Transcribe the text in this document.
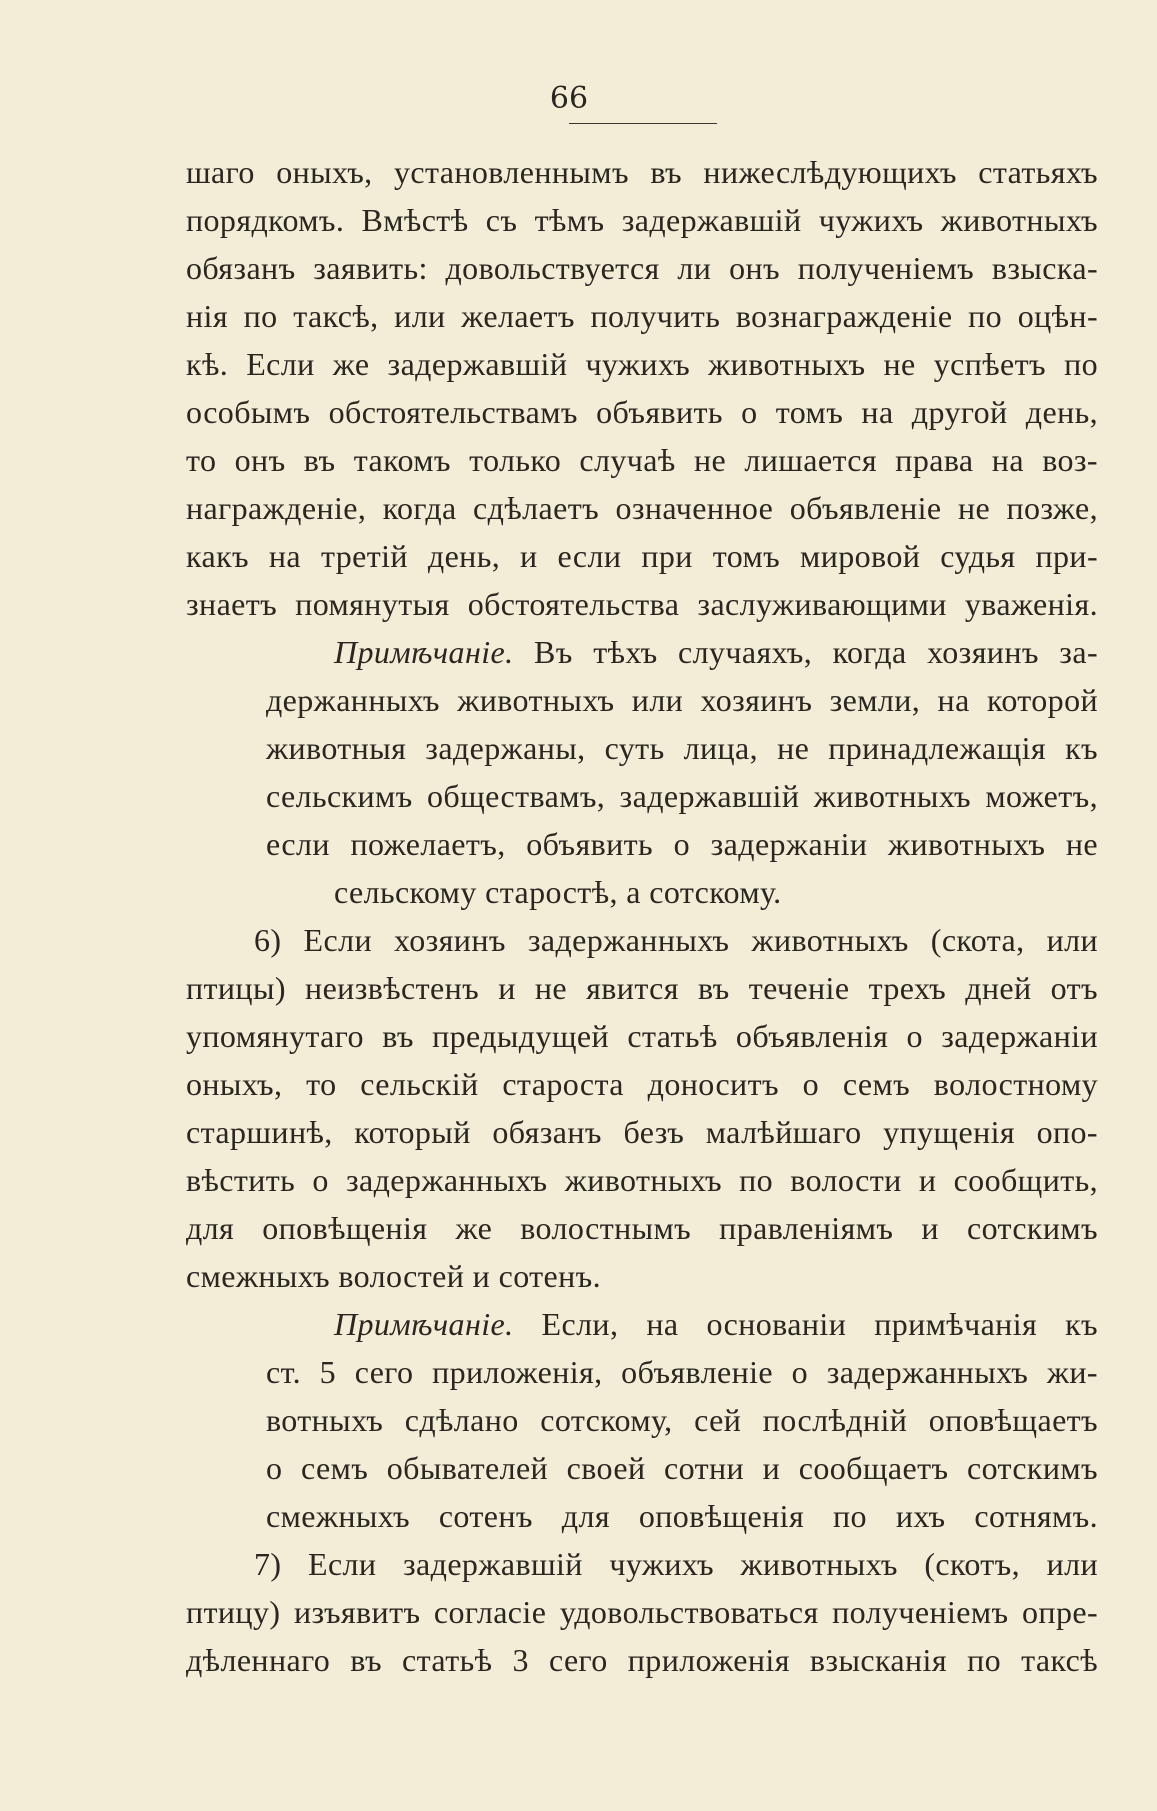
66
шаго оныхъ, установленнымъ въ нижеслѣдующихъ статьяхъ
порядкомъ. Вмѣстѣ съ тѣмъ задержавшій чужихъ животныхъ
обязанъ заявить: довольствуется ли онъ полученіемъ взыска-
нія по таксѣ, или желаетъ получить вознагражденіе по оцѣн-
кѣ. Если же задержавшій чужихъ животныхъ не успѣетъ по
особымъ обстоятельствамъ объявить о томъ на другой день,
то онъ въ такомъ только случаѣ не лишается права на воз-
награжденіе, когда сдѣлаетъ означенное объявленіе не позже,
какъ на третій день, и если при томъ мировой судья при-
знаетъ помянутыя обстоятельства заслуживающими уваженія.
Примѣчаніе. Въ тѣхъ случаяхъ, когда хозяинъ за-
держанныхъ животныхъ или хозяинъ земли, на которой
животныя задержаны, суть лица, не принадлежащія къ
сельскимъ обществамъ, задержавшій животныхъ можетъ,
если пожелаетъ, объявить о задержаніи животныхъ не
сельскому старостѣ, а сотскому.
6) Если хозяинъ задержанныхъ животныхъ (скота, или
птицы) неизвѣстенъ и не явится въ теченіе трехъ дней отъ
упомянутаго въ предыдущей статьѣ объявленія о задержаніи
оныхъ, то сельскій староста доноситъ о семъ волостному
старшинѣ, который обязанъ безъ малѣйшаго упущенія опо-
вѣстить о задержанныхъ животныхъ по волости и сообщить,
для оповѣщенія же волостнымъ правленіямъ и сотскимъ
смежныхъ волостей и сотенъ.
Примѣчаніе. Если, на основаніи примѣчанія къ
ст. 5 сего приложенія, объявленіе о задержанныхъ жи-
вотныхъ сдѣлано сотскому, сей послѣдній оповѣщаетъ
о семъ обывателей своей сотни и сообщаетъ сотскимъ
смежныхъ сотенъ для оповѣщенія по ихъ сотнямъ.
7) Если задержавшій чужихъ животныхъ (скотъ, или
птицу) изъявитъ согласіе удовольствоваться полученіемъ опре-
дѣленнаго въ статьѣ 3 сего приложенія взысканія по таксѣ
